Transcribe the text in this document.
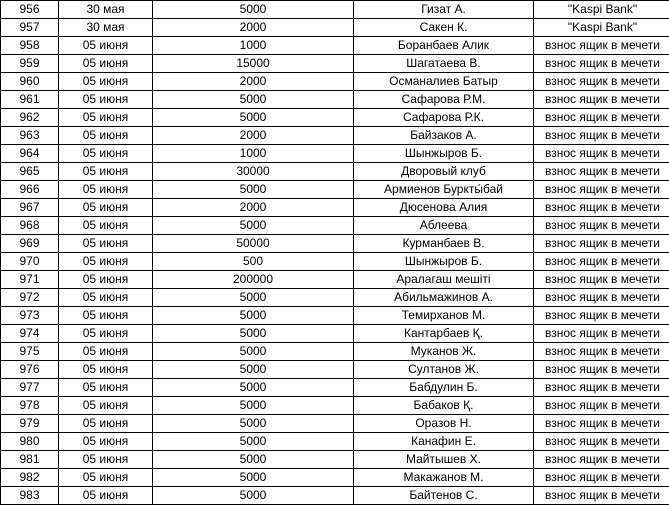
956	30 мая	5000	Гизат А.	"Kaspi Bank"
957	30 мая	2000	Сакен К.	"Kaspi Bank"
958	05 июня	1000	Боранбаев Алик	взнос ящик в мечети
959	05 июня	15000	Шагатаева В.	взнос ящик в мечети
960	05 июня	2000	Османалиев Батыр	взнос ящик в мечети
961	05 июня	5000	Сафарова Р.М.	взнос ящик в мечети
962	05 июня	5000	Сафарова Р.К.	взнос ящик в мечети
963	05 июня	2000	Байзаков А.	взнос ящик в мечети
964	05 июня	1000	Шынжыров Б.	взнос ящик в мечети
965	05 июня	30000	Дворовый клуб	взнос ящик в мечети
966	05 июня	5000	Армиенов Буркты́бай	взнос ящик в мечети
967	05 июня	2000	Дюсенова Алия	взнос ящик в мечети
968	05 июня	5000	Аблеева	взнос ящик в мечети
969	05 июня	50000	Курманбаев В.	взнос ящик в мечети
970	05 июня	500	Шынжыров Б.	взнос ящик в мечети
971	05 июня	200000	Аралагаш мешіті	взнос ящик в мечети
972	05 июня	5000	Абильмажинов А.	взнос ящик в мечети
973	05 июня	5000	Темирханов М.	взнос ящик в мечети
974	05 июня	5000	Кантарбаев Қ.	взнос ящик в мечети
975	05 июня	5000	Муканов Ж.	взнос ящик в мечети
976	05 июня	5000	Султанов Ж.	взнос ящик в мечети
977	05 июня	5000	Бабдулин Б.	взнос ящик в мечети
978	05 июня	5000	Бабаков Қ.	взнос ящик в мечети
979	05 июня	5000	Оразов Н.	взнос ящик в мечети
980	05 июня	5000	Канафин Е.	взнос ящик в мечети
981	05 июня	5000	Майтышев Х.	взнос ящик в мечети
982	05 июня	5000	Макажанов М.	взнос ящик в мечети
983	05 июня	5000	Байтенов С.	взнос ящик в мечети
